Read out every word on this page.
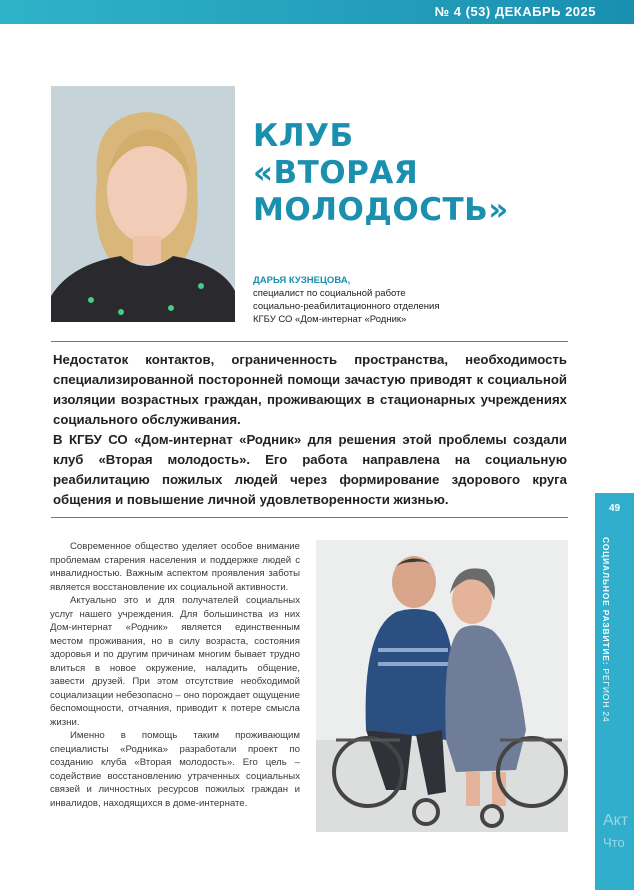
№ 4 (53) ДЕКАБРЬ 2025
КЛУБ
«ВТОРАЯ
МОЛОДОСТЬ»
ДАРЬЯ КУЗНЕЦОВА,
специалист по социальной работе
социально-реабилитационного отделения
КГБУ СО «Дом-интернат «Родник»

Недостаток контактов, ограниченность пространства, необходимость специализированной посторонней помощи зачастую приводят к социальной изоляции возрастных граждан, проживающих в стационарных учреждениях социального обслуживания.

В КГБУ СО «Дом-интернат «Родник» для решения этой проблемы создали клуб «Вторая молодость». Его работа направлена на социальную реабилитацию пожилых людей через формирование здорового круга общения и повышение личной удовлетворенности жизнью.

Современное общество уделяет особое внимание проблемам старения населения и поддержке людей с инвалидностью. Важным аспектом проявления заботы является восстановление их социальной активности.

Актуально это и для получателей социальных услуг нашего учреждения. Для большинства из них Дом-интернат «Родник» является единственным местом проживания, но в силу возраста, состояния здоровья и по другим причинам многим бывает трудно влиться в новое окружение, наладить общение, завести друзей. При этом отсутствие необходимой социализации небезопасно – оно порождает ощущение беспомощности, отчаяния, приводит к потере смысла жизни.

Именно в помощь таким проживающим специалисты «Родника» разработали проект по созданию клуба «Вторая молодость». Его цель – содействие восстановлению утраченных социальных связей и личностных ресурсов пожилых граждан и инвалидов, находящихся в доме-интернате.

49
СОЦИАЛЬНОЕ РАЗВИТИЕ: РЕГИОН 24
Акт
Что
